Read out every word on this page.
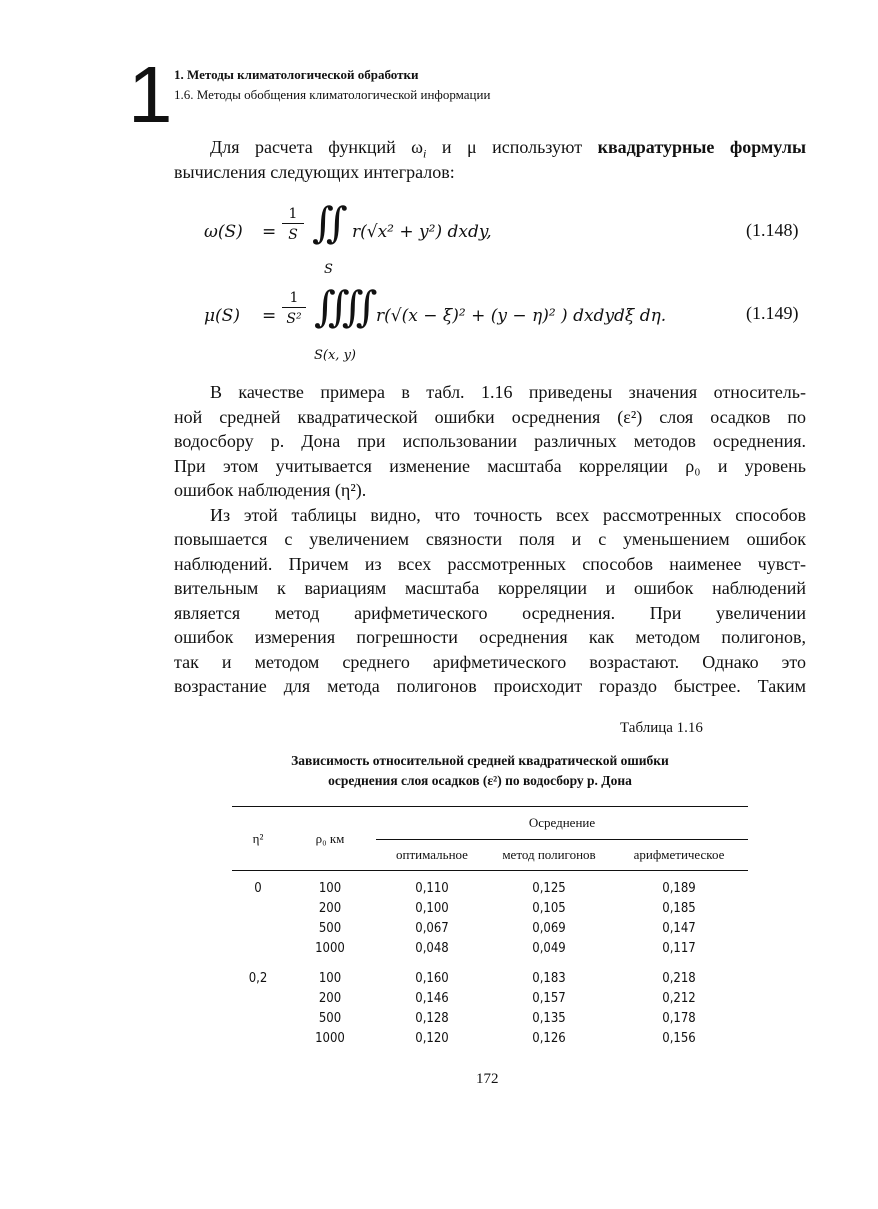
1 1. Методы климатологической обработки
1.6. Методы обобщения климатологической информации
Для расчета функций $\omega_i$ и μ используют квадратурные формулы
вычисления следующих интегралов:
ω(S) =
1
S ∫∫
S
r(√x² + y²) dxdy,	(1.148)
μ(S) =
1
S² ∫∫∫∫
S(x, y)
r(√(x − ξ)² + (y − η)² ) dxdydξ dη.	(1.149)
В качестве примера в табл. 1.16 приведены значения относитель-
ной средней квадратической ошибки осреднения (ε²) слоя осадков по
водосбору р. Дона при использовании различных методов осреднения.
При этом учитывается изменение масштаба корреляции ρ₀ и уровень
ошибок наблюдения (η²).
Из этой таблицы видно, что точность всех рассмотренных способов
повышается с увеличением связности поля и с уменьшением ошибок
наблюдений. Причем из всех рассмотренных способов наименее чувст-
вительным к вариациям масштаба корреляции и ошибок наблюдений
является метод арифметического осреднения. При увеличении
ошибок измерения погрешности осреднения как методом полигонов,
так и методом среднего арифметического возрастают. Однако это
возрастание для метода полигонов происходит гораздо быстрее. Таким
Таблица 1.16
Зависимость относительной средней квадратической ошибки
осреднения слоя осадков (ε²) по водосбору р. Дона
η²	ρ₀ км	Осреднение		
		оптимальное	метод полигонов	арифметическое

0	100	0,110	0,125	0,189
	200	0,100	0,105	0,185
	500	0,067	0,069	0,147
	1000	0,048	0,049	0,117
0,2	100	0,160	0,183	0,218
	200	0,146	0,157	0,212
	500	0,128	0,135	0,178
	1000	0,120	0,126	0,156
172
